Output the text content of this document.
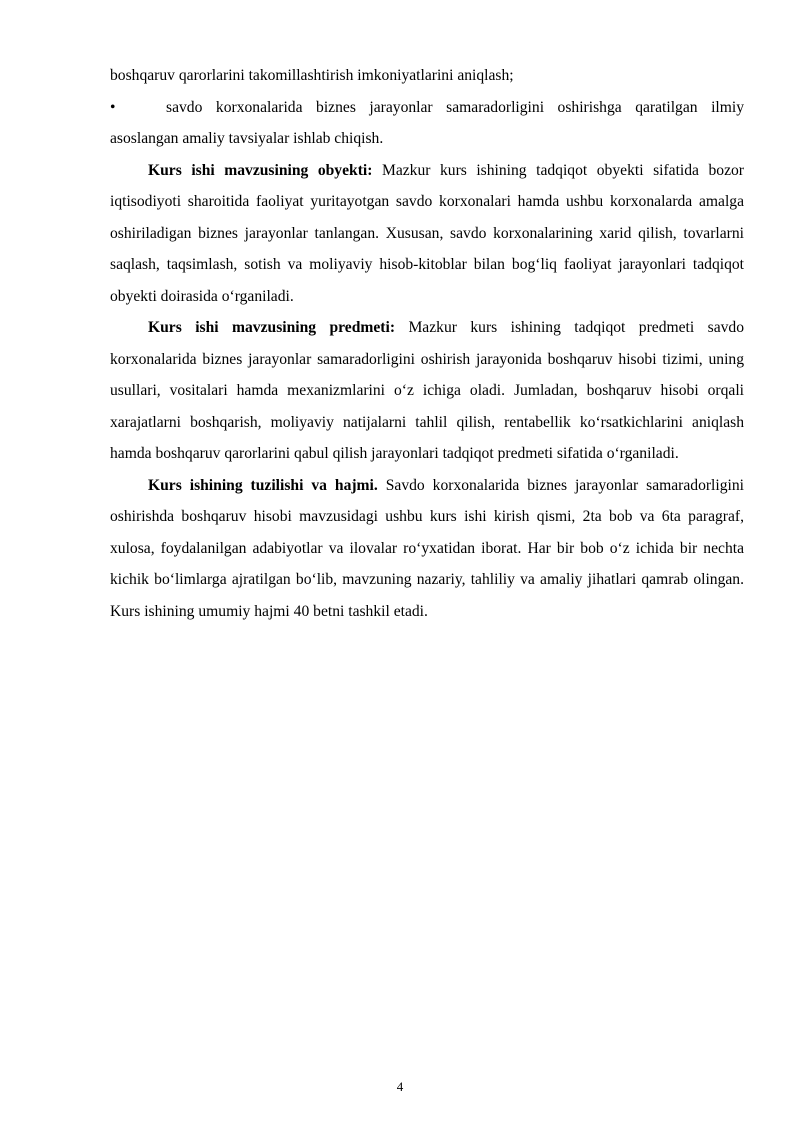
boshqaruv qarorlarini takomillashtirish imkoniyatlarini aniqlash;

•	savdo korxonalarida biznes jarayonlar samaradorligini oshirishga qaratilgan ilmiy asoslangan amaliy tavsiyalar ishlab chiqish.

Kurs ishi mavzusining obyekti: Mazkur kurs ishining tadqiqot obyekti sifatida bozor iqtisodiyoti sharoitida faoliyat yuritayotgan savdo korxonalari hamda ushbu korxonalarda amalga oshiriladigan biznes jarayonlar tanlangan. Xususan, savdo korxonalarining xarid qilish, tovarlarni saqlash, taqsimlash, sotish va moliyaviy hisob-kitoblar bilan bog‘liq faoliyat jarayonlari tadqiqot obyekti doirasida o‘rganiladi.

Kurs ishi mavzusining predmeti: Mazkur kurs ishining tadqiqot predmeti savdo korxonalarida biznes jarayonlar samaradorligini oshirish jarayonida boshqaruv hisobi tizimi, uning usullari, vositalari hamda mexanizmlarini o‘z ichiga oladi. Jumladan, boshqaruv hisobi orqali xarajatlarni boshqarish, moliyaviy natijalarni tahlil qilish, rentabellik ko‘rsatkichlarini aniqlash hamda boshqaruv qarorlarini qabul qilish jarayonlari tadqiqot predmeti sifatida o‘rganiladi.

Kurs ishining tuzilishi va hajmi. Savdo korxonalarida biznes jarayonlar samaradorligini oshirishda boshqaruv hisobi mavzusidagi ushbu kurs ishi kirish qismi, 2ta bob va 6ta paragraf, xulosa, foydalanilgan adabiyotlar va ilovalar ro‘yxatidan iborat. Har bir bob o‘z ichida bir nechta kichik bo‘limlarga ajratilgan bo‘lib, mavzuning nazariy, tahliliy va amaliy jihatlari qamrab olingan. Kurs ishining umumiy hajmi 40 betni tashkil etadi.

4
